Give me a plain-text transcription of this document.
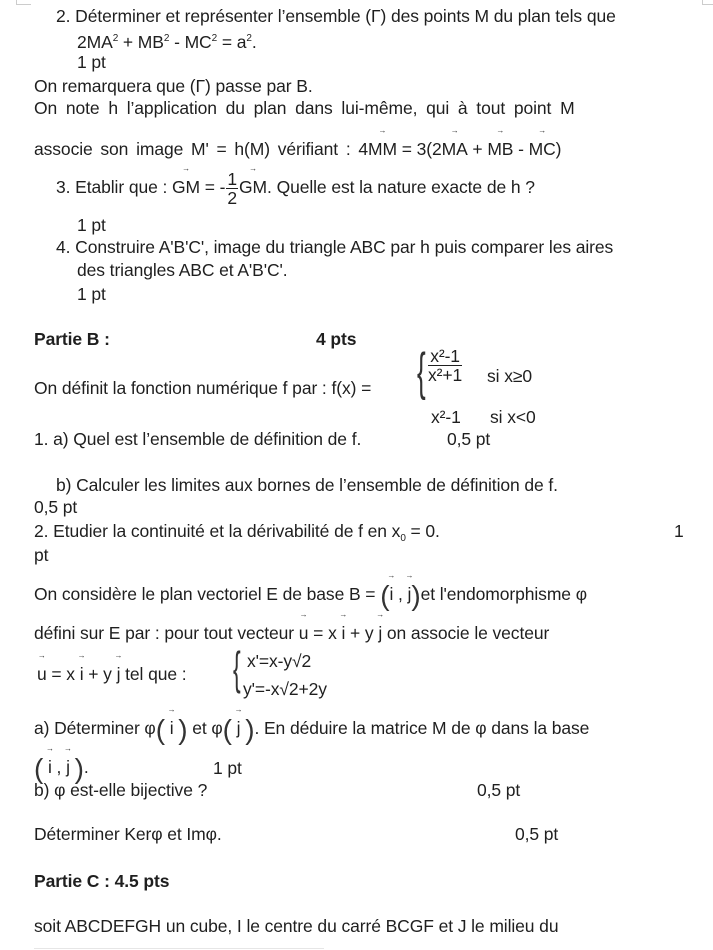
2. Déterminer et représenter l’ensemble (Γ) des points M du plan tels que
$2MA^2 + MB^2 - MC^2 = a^2$.
1 pt
On remarquera que (Γ) passe par B.
On note h l’application du plan dans lui-même, qui à tout point M
associe son image M' = h(M) vérifiant : 4→ MM = 3(2→ MA + → MB - → MC)
3. Etablir que : → GM = - $\frac{1}{2}$ → GM. Quelle est la nature exacte de h ?
1 pt
4. Construire A'B'C', image du triangle ABC par h puis comparer les aires
des triangles ABC et A'B'C'.
1 pt
Partie B :	4 pts
On définit la fonction numérique f par : f(x) = { $\frac{\text{x²-1}}{\text{x²+1}}$ si x≥0
x²-1 si x<0
1. a) Quel est l’ensemble de définition de f.	0,5 pt
b) Calculer les limites aux bornes de l’ensemble de définition de f.
0,5 pt
2. Etudier la continuité et la dérivabilité de f en $x_0 = 0$.	1
pt
On considère le plan vectoriel E de base B = (→ i , → j)et l'endomorphisme φ
défini sur E par : pour tout vecteur → u = x → i + y → j on associe le vecteur
→ u = x → i + y → j tel que : { x'=x-y√2
y'=-x√2+2y
a) Déterminer φ( → i ) et φ( → j ). En déduire la matrice M de φ dans la base
( → i , → j ).	1 pt
b) φ est-elle bijective ?	0,5 pt
Déterminer Kerφ et Imφ.	0,5 pt
Partie C : 4.5 pts
soit ABCDEFGH un cube, I le centre du carré BCGF et J le milieu du
